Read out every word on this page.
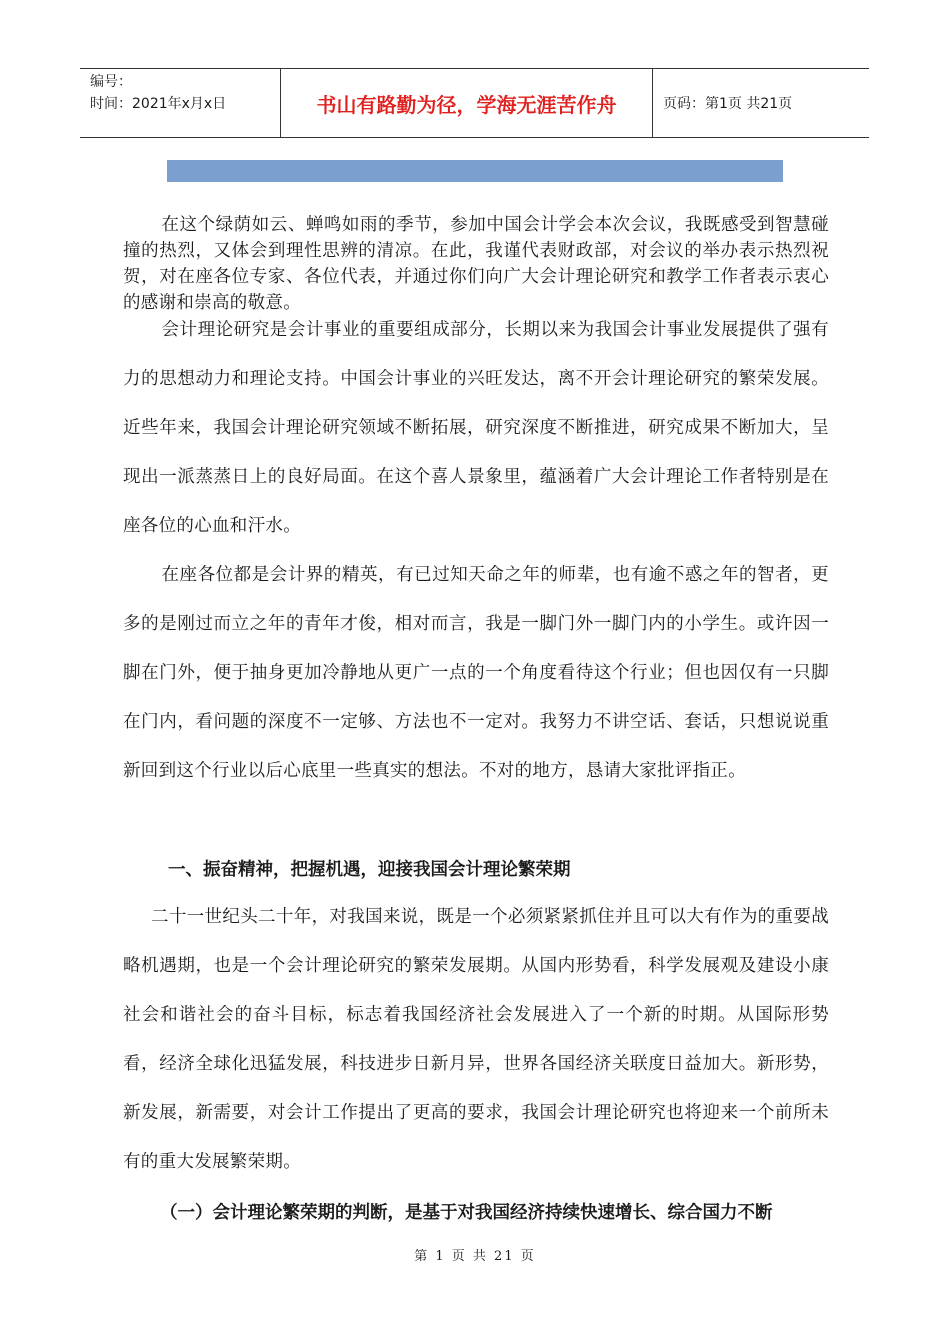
编号：
时间：2021年x月x日	书山有路勤为径，学海无涯苦作舟	页码：第1页 共21页
在这个绿荫如云、蝉鸣如雨的季节，参加中国会计学会本次会议，我既感受到智慧碰撞的热烈，又体会到理性思辨的清凉。在此，我谨代表财政部，对会议的举办表示热烈祝贺，对在座各位专家、各位代表，并通过你们向广大会计理论研究和教学工作者表示衷心的感谢和崇高的敬意。
会计理论研究是会计事业的重要组成部分，长期以来为我国会计事业发展提供了强有力的思想动力和理论支持。中国会计事业的兴旺发达，离不开会计理论研究的繁荣发展。近些年来，我国会计理论研究领域不断拓展，研究深度不断推进，研究成果不断加大，呈现出一派蒸蒸日上的良好局面。在这个喜人景象里，蕴涵着广大会计理论工作者特别是在座各位的心血和汗水。
在座各位都是会计界的精英，有已过知天命之年的师辈，也有逾不惑之年的智者，更多的是刚过而立之年的青年才俊，相对而言，我是一脚门外一脚门内的小学生。或许因一脚在门外，便于抽身更加冷静地从更广一点的一个角度看待这个行业；但也因仅有一只脚在门内，看问题的深度不一定够、方法也不一定对。我努力不讲空话、套话，只想说说重新回到这个行业以后心底里一些真实的想法。不对的地方，恳请大家批评指正。
一、振奋精神，把握机遇，迎接我国会计理论繁荣期
二十一世纪头二十年，对我国来说，既是一个必须紧紧抓住并且可以大有作为的重要战略机遇期，也是一个会计理论研究的繁荣发展期。从国内形势看，科学发展观及建设小康社会和谐社会的奋斗目标，标志着我国经济社会发展进入了一个新的时期。从国际形势看，经济全球化迅猛发展，科技进步日新月异，世界各国经济关联度日益加大。新形势，新发展，新需要，对会计工作提出了更高的要求，我国会计理论研究也将迎来一个前所未有的重大发展繁荣期。
（一）会计理论繁荣期的判断，是基于对我国经济持续快速增长、综合国力不断
第 1 页 共 21 页
